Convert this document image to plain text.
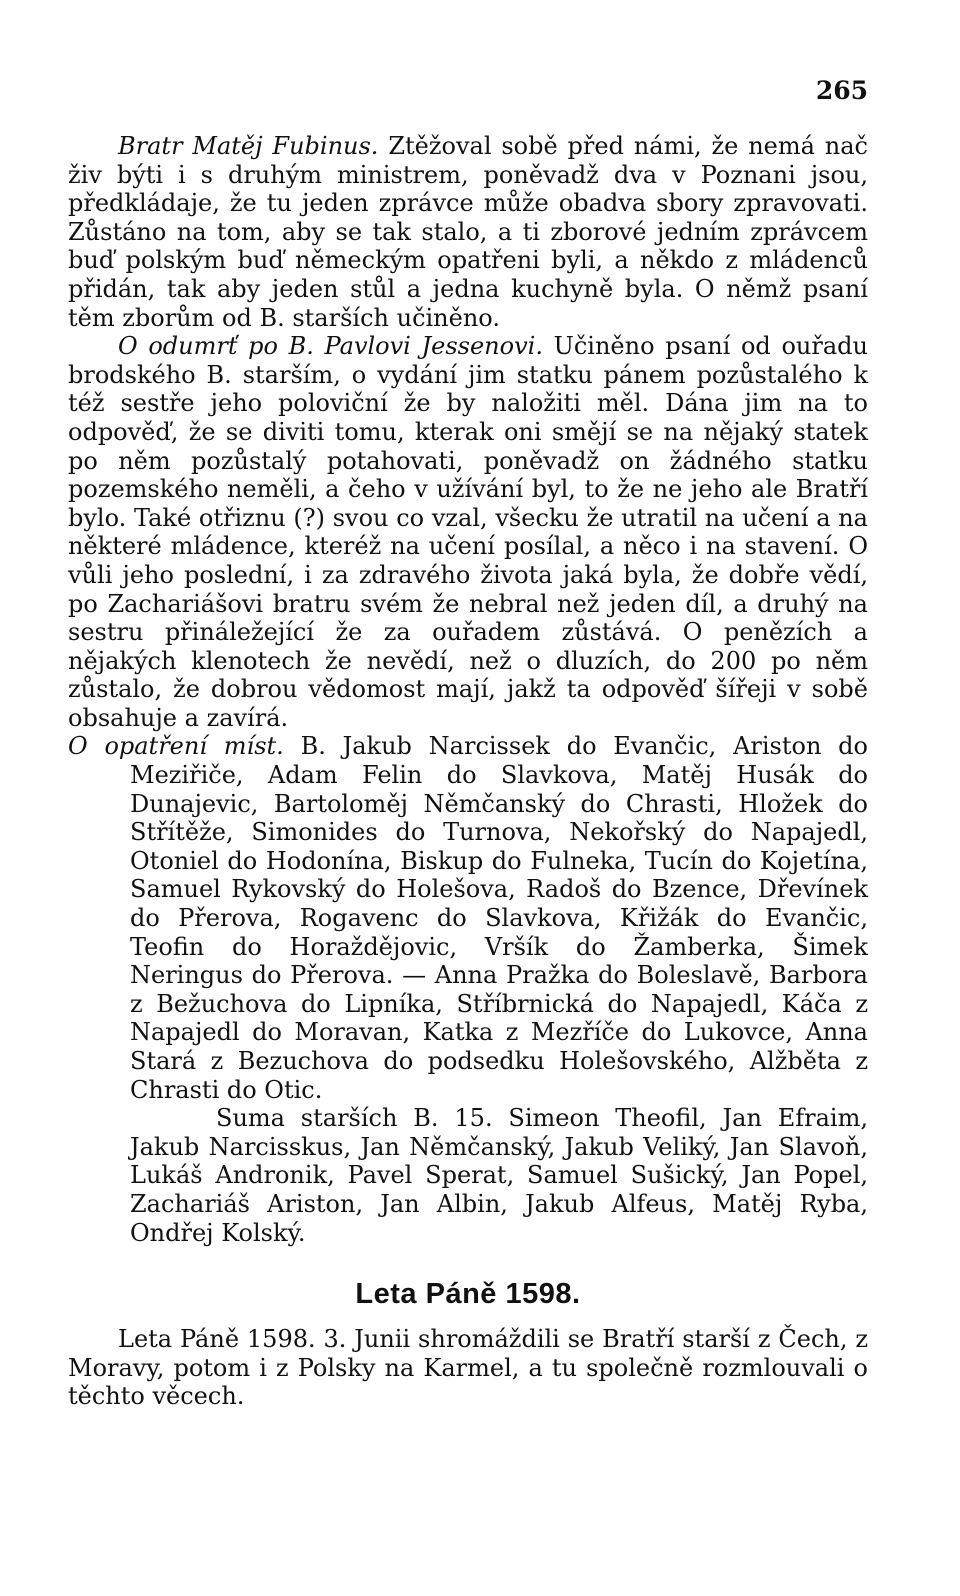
265

Bratr Matěj Fubinus. Ztěžoval sobě před námi, že nemá nač živ býti i s druhým ministrem, poněvadž dva v Poznani jsou, předkládaje, že tu jeden zprávce může obadva sbory zpravovati. Zůstáno na tom, aby se tak stalo, a ti zborové jedním zprávcem buď polským buď německým opatřeni byli, a někdo z mládenců přidán, tak aby jeden stůl a jedna kuchyně byla. O němž psaní těm zborům od B. starších učiněno.

O odumrť po B. Pavlovi Jessenovi. Učiněno psaní od ouřadu brodského B. starším, o vydání jim statku pánem pozůstalého k též sestře jeho poloviční že by naložiti měl. Dána jim na to odpověď, že se diviti tomu, kterak oni smějí se na nějaký statek po něm pozůstalý potahovati, poněvadž on žádného statku pozemského neměli, a čeho v užívání byl, to že ne jeho ale Bratří bylo. Také otřiznu (?) svou co vzal, všecku že utratil na učení a na některé mládence, kteréž na učení posílal, a něco i na stavení. O vůli jeho poslední, i za zdravého života jaká byla, že dobře vědí, po Zachariášovi bratru svém že nebral než jeden díl, a druhý na sestru přináležející že za ouřadem zůstává. O penězích a nějakých klenotech že nevědí, než o dluzích, do 200 po něm zůstalo, že dobrou vědomost mají, jakž ta odpověď šířeji v sobě obsahuje a zavírá.

O opatření míst. B. Jakub Narcissek do Evančic, Ariston do Meziřiče, Adam Felin do Slavkova, Matěj Husák do Dunajevic, Bartoloměj Němčanský do Chrasti, Hložek do Střítěže, Simonides do Turnova, Nekořský do Napajedl, Otoniel do Hodonína, Biskup do Fulneka, Tucín do Kojetína, Samuel Rykovský do Holešova, Radoš do Bzence, Dřevínek do Přerova, Rogavenc do Slavkova, Křižák do Evančic, Teofin do Horaždějovic, Vršík do Žamberka, Šimek Neringus do Přerova. — Anna Pražka do Boleslavě, Barbora z Bežuchova do Lipníka, Stříbrnická do Napajedl, Káča z Napajedl do Moravan, Katka z Mezříče do Lukovce, Anna Stará z Bezuchova do podsedku Holešovského, Alžběta z Chrasti do Otic.

Suma starších B. 15. Simeon Theofil, Jan Efraim, Jakub Narcisskus, Jan Němčanský, Jakub Veliký, Jan Slavoň, Lukáš Andronik, Pavel Sperat, Samuel Sušický, Jan Popel, Zachariáš Ariston, Jan Albin, Jakub Alfeus, Matěj Ryba, Ondřej Kolský.

Leta Páně 1598.

Leta Páně 1598. 3. Junii shromáždili se Bratří starší z Čech, z Moravy, potom i z Polsky na Karmel, a tu společně rozmlouvali o těchto věcech.
